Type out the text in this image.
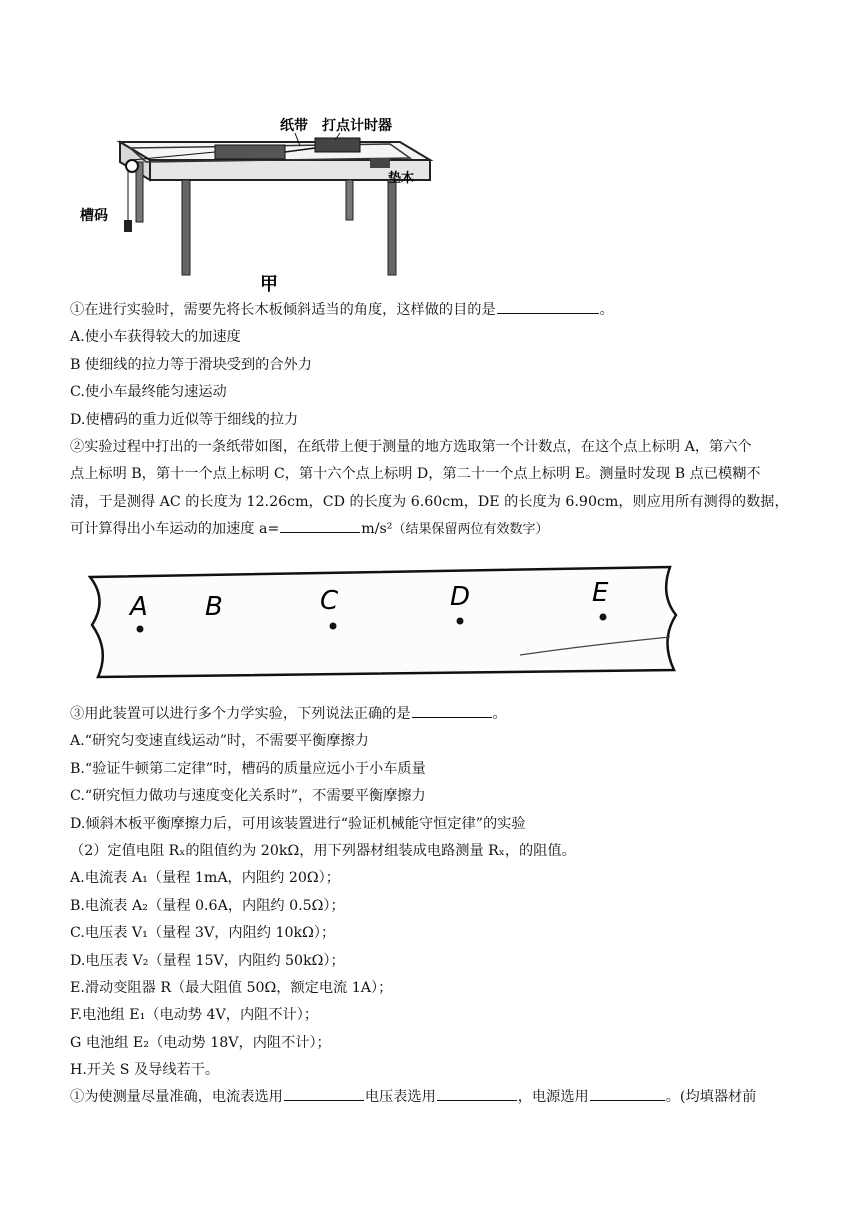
纸带 打点计时器
槽码
垫木
甲
①在进行实验时，需要先将长木板倾斜适当的角度，这样做的目的是	。
A.使小车获得较大的加速度
B 使细线的拉力等于滑块受到的合外力
C.使小车最终能匀速运动
D.使槽码的重力近似等于细线的拉力
②实验过程中打出的一条纸带如图，在纸带上便于测量的地方选取第一个计数点，在这个点上标明 A，第六个
点上标明 B，第十一个点上标明 C，第十六个点上标明 D，第二十一个点上标明 E。测量时发现 B 点已模糊不
清，于是测得 AC 的长度为 12.26cm，CD 的长度为 6.60cm，DE 的长度为 6.90cm，则应用所有测得的数据，
可计算得出小车运动的加速度 a=	m/s²（结果保留两位有效数字）
A B	C	D	E
③用此装置可以进行多个力学实验，下列说法正确的是	。
A.“研究匀变速直线运动”时，不需要平衡摩擦力
B.“验证牛顿第二定律”时，槽码的质量应远小于小车质量
C.“研究恒力做功与速度变化关系时”，不需要平衡摩擦力
D.倾斜木板平衡摩擦力后，可用该装置进行“验证机械能守恒定律”的实验
（2）定值电阻 Rₓ的阻值约为 20kΩ，用下列器材组装成电路测量 Rₓ，的阻值。
A.电流表 A₁（量程 1mA，内阻约 20Ω）；
B.电流表 A₂（量程 0.6A，内阻约 0.5Ω）；
C.电压表 V₁（量程 3V，内阻约 10kΩ）；
D.电压表 V₂（量程 15V，内阻约 50kΩ）；
E.滑动变阻器 R（最大阻值 50Ω，额定电流 1A）；
F.电池组 E₁（电动势 4V，内阻不计）；
G 电池组 E₂（电动势 18V，内阻不计）；
H.开关 S 及导线若干。
①为使测量尽量准确，电流表选用	电压表选用	，电源选用	。(均填器材前
